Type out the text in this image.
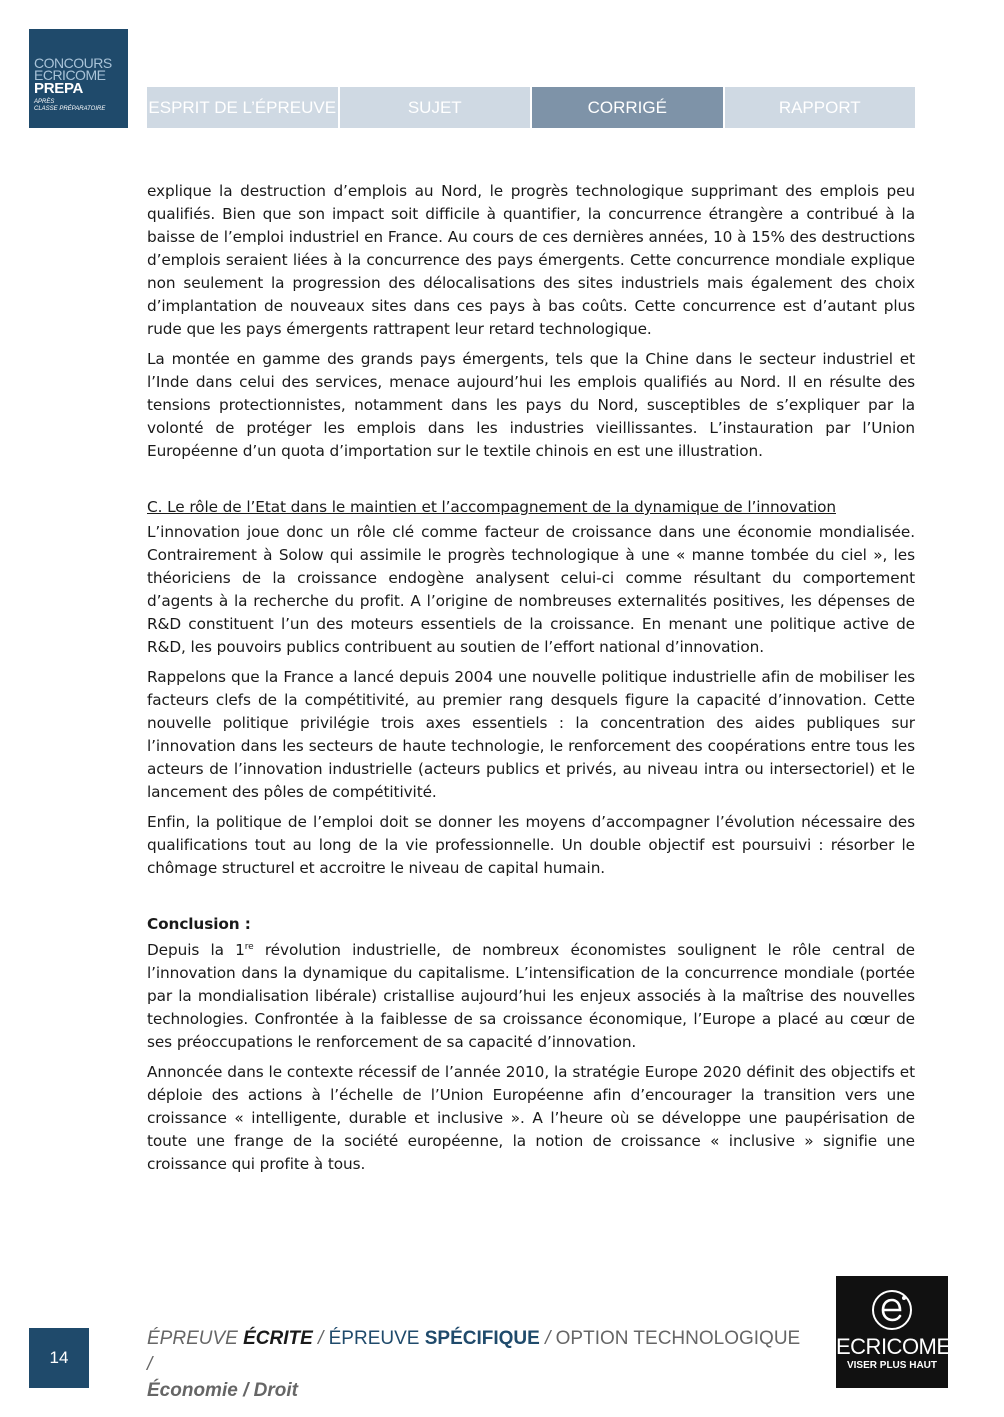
CONCOURS
ECRICOME
PREPA
APRÈS
CLASSE PRÉPARATOIRE	ESPRIT DE L’ÉPREUVE	SUJET	CORRIGÉ	RAPPORT

explique la destruction d’emplois au Nord, le progrès technologique supprimant des emplois peu qualifiés. Bien que son impact soit difficile à quantifier, la concurrence étrangère a contribué à la baisse de l’emploi industriel en France. Au cours de ces dernières années, 10 à 15% des destructions d’emplois seraient liées à la concurrence des pays émergents. Cette concurrence mondiale explique non seulement la progression des délocalisations des sites industriels mais également des choix d’implantation de nouveaux sites dans ces pays à bas coûts. Cette concurrence est d’autant plus rude que les pays émergents rattrapent leur retard technologique.

La montée en gamme des grands pays émergents, tels que la Chine dans le secteur industriel et l’Inde dans celui des services, menace aujourd’hui les emplois qualifiés au Nord. Il en résulte des tensions protectionnistes, notamment dans les pays du Nord, susceptibles de s’expliquer par la volonté de protéger les emplois dans les industries vieillissantes. L’instauration par l’Union Européenne d’un quota d’importation sur le textile chinois en est une illustration.

C. Le rôle de l’Etat dans le maintien et l’accompagnement de la dynamique de l’innovation

L’innovation joue donc un rôle clé comme facteur de croissance dans une économie mondialisée. Contrairement à Solow qui assimile le progrès technologique à une « manne tombée du ciel », les théoriciens de la croissance endogène analysent celui-ci comme résultant du comportement d’agents à la recherche du profit. A l’origine de nombreuses externalités positives, les dépenses de R&D constituent l’un des moteurs essentiels de la croissance. En menant une politique active de R&D, les pouvoirs publics contribuent au soutien de l’effort national d’innovation.

Rappelons que la France a lancé depuis 2004 une nouvelle politique industrielle afin de mobiliser les facteurs clefs de la compétitivité, au premier rang desquels figure la capacité d’innovation. Cette nouvelle politique privilégie trois axes essentiels : la concentration des aides publiques sur l’innovation dans les secteurs de haute technologie, le renforcement des coopérations entre tous les acteurs de l’innovation industrielle (acteurs publics et privés, au niveau intra ou intersectoriel) et le lancement des pôles de compétitivité.

Enfin, la politique de l’emploi doit se donner les moyens d’accompagner l’évolution nécessaire des qualifications tout au long de la vie professionnelle. Un double objectif est poursuivi : résorber le chômage structurel et accroitre le niveau de capital humain.

Conclusion :

Depuis la 1re révolution industrielle, de nombreux économistes soulignent le rôle central de l’innovation dans la dynamique du capitalisme. L’intensification de la concurrence mondiale (portée par la mondialisation libérale) cristallise aujourd’hui les enjeux associés à la maîtrise des nouvelles technologies. Confrontée à la faiblesse de sa croissance économique, l’Europe a placé au cœur de ses préoccupations le renforcement de sa capacité d’innovation.

Annoncée dans le contexte récessif de l’année 2010, la stratégie Europe 2020 définit des objectifs et déploie des actions à l’échelle de l’Union Européenne afin d’encourager la transition vers une croissance « intelligente, durable et inclusive ». A l’heure où se développe une paupérisation de toute une frange de la société européenne, la notion de croissance « inclusive » signifie une croissance qui profite à tous.

14
ÉPREUVE ÉCRITE / ÉPREUVE SPÉCIFIQUE / OPTION TECHNOLOGIQUE /
Économie / Droit
ECRICOME
VISER PLUS HAUT
